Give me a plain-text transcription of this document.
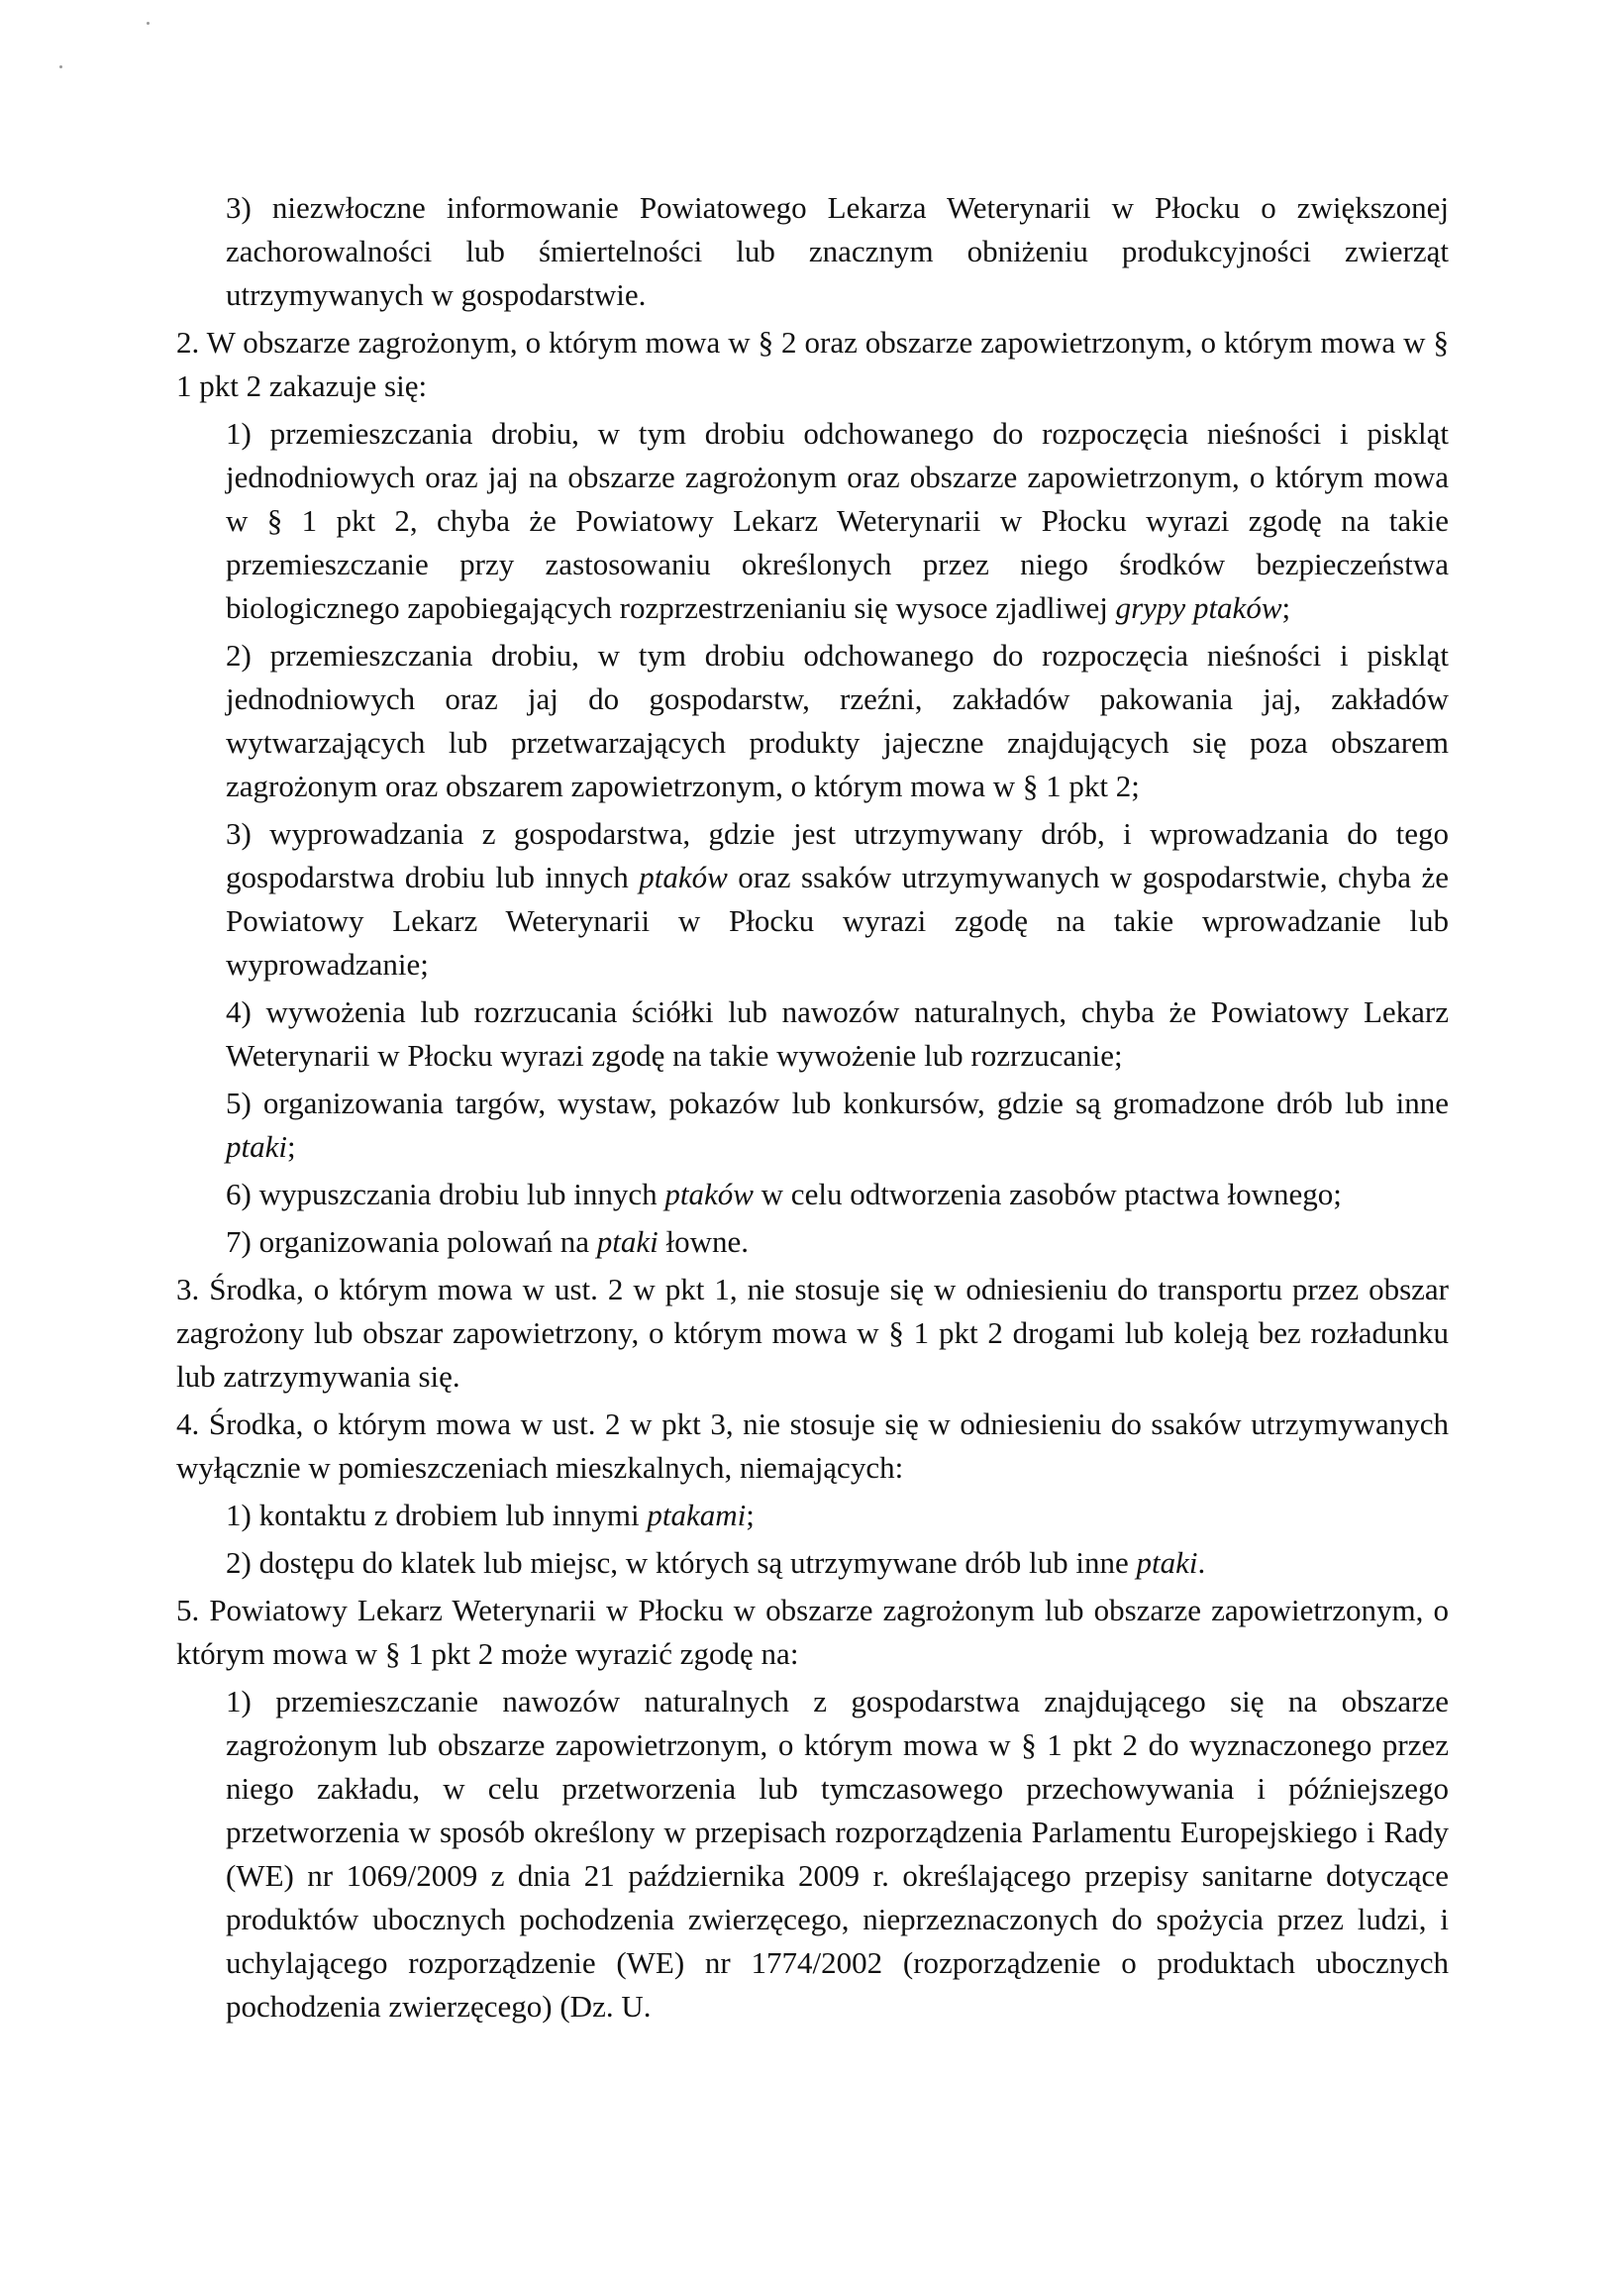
3) niezwłoczne informowanie Powiatowego Lekarza Weterynarii w Płocku o zwiększonej zachorowalności lub śmiertelności lub znacznym obniżeniu produkcyjności zwierząt utrzymywanych w gospodarstwie.

2. W obszarze zagrożonym, o którym mowa w § 2 oraz obszarze zapowietrzonym, o którym mowa w § 1 pkt 2 zakazuje się:

1) przemieszczania drobiu, w tym drobiu odchowanego do rozpoczęcia nieśności i piskląt jednodniowych oraz jaj na obszarze zagrożonym oraz obszarze zapowietrzonym, o którym mowa w § 1 pkt 2, chyba że Powiatowy Lekarz Weterynarii w Płocku wyrazi zgodę na takie przemieszczanie przy zastosowaniu określonych przez niego środków bezpieczeństwa biologicznego zapobiegających rozprzestrzenianiu się wysoce zjadliwej grypy ptaków;

2) przemieszczania drobiu, w tym drobiu odchowanego do rozpoczęcia nieśności i piskląt jednodniowych oraz jaj do gospodarstw, rzeźni, zakładów pakowania jaj, zakładów wytwarzających lub przetwarzających produkty jajeczne znajdujących się poza obszarem zagrożonym oraz obszarem zapowietrzonym, o którym mowa w § 1 pkt 2;

3) wyprowadzania z gospodarstwa, gdzie jest utrzymywany drób, i wprowadzania do tego gospodarstwa drobiu lub innych ptaków oraz ssaków utrzymywanych w gospodarstwie, chyba że Powiatowy Lekarz Weterynarii w Płocku wyrazi zgodę na takie wprowadzanie lub wyprowadzanie;

4) wywożenia lub rozrzucania ściółki lub nawozów naturalnych, chyba że Powiatowy Lekarz Weterynarii w Płocku wyrazi zgodę na takie wywożenie lub rozrzucanie;

5) organizowania targów, wystaw, pokazów lub konkursów, gdzie są gromadzone drób lub inne ptaki;

6) wypuszczania drobiu lub innych ptaków w celu odtworzenia zasobów ptactwa łownego;

7) organizowania polowań na ptaki łowne.

3. Środka, o którym mowa w ust. 2 w pkt 1, nie stosuje się w odniesieniu do transportu przez obszar zagrożony lub obszar zapowietrzony, o którym mowa w § 1 pkt 2 drogami lub koleją bez rozładunku lub zatrzymywania się.

4. Środka, o którym mowa w ust. 2 w pkt 3, nie stosuje się w odniesieniu do ssaków utrzymywanych wyłącznie w pomieszczeniach mieszkalnych, niemających:

1) kontaktu z drobiem lub innymi ptakami;

2) dostępu do klatek lub miejsc, w których są utrzymywane drób lub inne ptaki.

5. Powiatowy Lekarz Weterynarii w Płocku w obszarze zagrożonym lub obszarze zapowietrzonym, o którym mowa w § 1 pkt 2 może wyrazić zgodę na:

1) przemieszczanie nawozów naturalnych z gospodarstwa znajdującego się na obszarze zagrożonym lub obszarze zapowietrzonym, o którym mowa w § 1 pkt 2 do wyznaczonego przez niego zakładu, w celu przetworzenia lub tymczasowego przechowywania i późniejszego przetworzenia w sposób określony w przepisach rozporządzenia Parlamentu Europejskiego i Rady (WE) nr 1069/2009 z dnia 21 października 2009 r. określającego przepisy sanitarne dotyczące produktów ubocznych pochodzenia zwierzęcego, nieprzeznaczonych do spożycia przez ludzi, i uchylającego rozporządzenie (WE) nr 1774/2002 (rozporządzenie o produktach ubocznych pochodzenia zwierzęcego) (Dz. U.
